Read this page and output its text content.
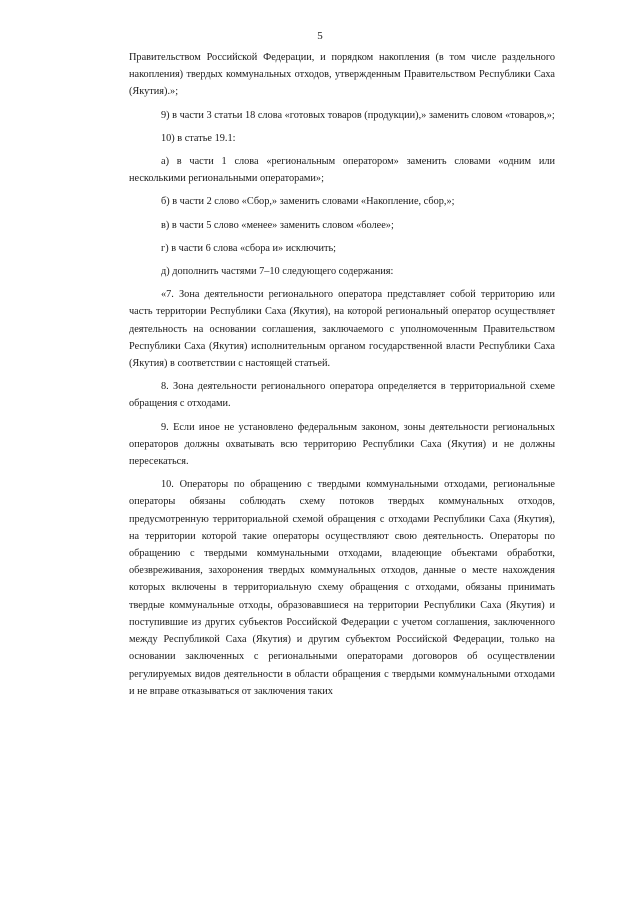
5

Правительством Российской Федерации, и порядком накопления (в том числе раздельного накопления) твердых коммунальных отходов, утвержденным Правительством Республики Саха (Якутия).»;

9) в части 3 статьи 18 слова «готовых товаров (продукции),» заменить словом «товаров,»;

10) в статье 19.1:

а) в части 1 слова «региональным оператором» заменить словами «одним или несколькими региональными операторами»;

б) в части 2 слово «Сбор,» заменить словами «Накопление, сбор,»;

в) в части 5 слово «менее» заменить словом «более»;

г) в части 6 слова «сбора и» исключить;

д) дополнить частями 7–10 следующего содержания:

«7. Зона деятельности регионального оператора представляет собой территорию или часть территории Республики Саха (Якутия), на которой региональный оператор осуществляет деятельность на основании соглашения, заключаемого с уполномоченным Правительством Республики Саха (Якутия) исполнительным органом государственной власти Республики Саха (Якутия) в соответствии с настоящей статьей.

8. Зона деятельности регионального оператора определяется в территориальной схеме обращения с отходами.

9. Если иное не установлено федеральным законом, зоны деятельности региональных операторов должны охватывать всю территорию Республики Саха (Якутия) и не должны пересекаться.

10. Операторы по обращению с твердыми коммунальными отходами, региональные операторы обязаны соблюдать схему потоков твердых коммунальных отходов, предусмотренную территориальной схемой обращения с отходами Республики Саха (Якутия), на территории которой такие операторы осуществляют свою деятельность. Операторы по обращению с твердыми коммунальными отходами, владеющие объектами обработки, обезвреживания, захоронения твердых коммунальных отходов, данные о месте нахождения которых включены в территориальную схему обращения с отходами, обязаны принимать твердые коммунальные отходы, образовавшиеся на территории Республики Саха (Якутия) и поступившие из других субъектов Российской Федерации с учетом соглашения, заключенного между Республикой Саха (Якутия) и другим субъектом Российской Федерации, только на основании заключенных с региональными операторами договоров об осуществлении регулируемых видов деятельности в области обращения с твердыми коммунальными отходами и не вправе отказываться от заключения таких
